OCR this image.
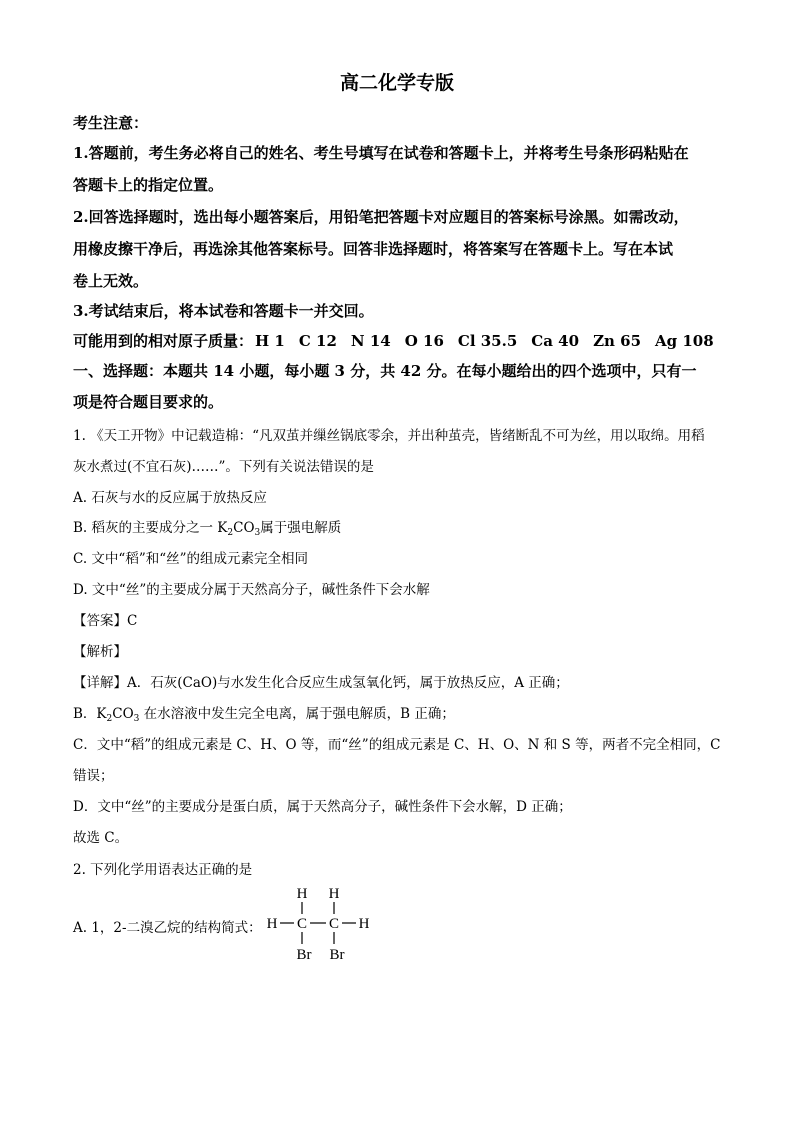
高二化学专版
考生注意：
1.答题前，考生务必将自己的姓名、考生号填写在试卷和答题卡上，并将考生号条形码粘贴在
答题卡上的指定位置。
2.回答选择题时，选出每小题答案后，用铅笔把答题卡对应题目的答案标号涂黑。如需改动，
用橡皮擦干净后，再选涂其他答案标号。回答非选择题时，将答案写在答题卡上。写在本试
卷上无效。
3.考试结束后，将本试卷和答题卡一并交回。
可能用到的相对原子质量： H 1 C 12 N 14 O 16 Cl 35.5 Ca 40 Zn 65 Ag 108
一、选择题：本题共 14 小题，每小题 3 分，共 42 分。在每小题给出的四个选项中，只有一
项是符合题目要求的。
1. 《天工开物》中记载造棉：“凡双茧并缫丝锅底零余，并出种茧壳，皆绪断乱不可为丝，用以取绵。用稻
灰水煮过(不宜石灰)……”。下列有关说法错误的是
A. 石灰与水的反应属于放热反应
B. 稻灰的主要成分之一 $K_2CO_3$属于强电解质
C. 文中“稻”和“丝”的组成元素完全相同
D. 文中“丝”的主要成分属于天然高分子，碱性条件下会水解
【答案】C
【解析】
【详解】A．石灰(CaO)与水发生化合反应生成氢氧化钙，属于放热反应，A 正确；
B．$K_2CO_3$ 在水溶液中发生完全电离，属于强电解质，B 正确；
C．文中“稻”的组成元素是 C、H、O 等，而“丝”的组成元素是 C、H、O、N 和 S 等，两者不完全相同，C
错误；
D．文中“丝”的主要成分是蛋白质，属于天然高分子，碱性条件下会水解，D 正确；
故选 C。
2. 下列化学用语表达正确的是
A. 1，2-二溴乙烷的结构简式：
H H
H C C H
Br Br
